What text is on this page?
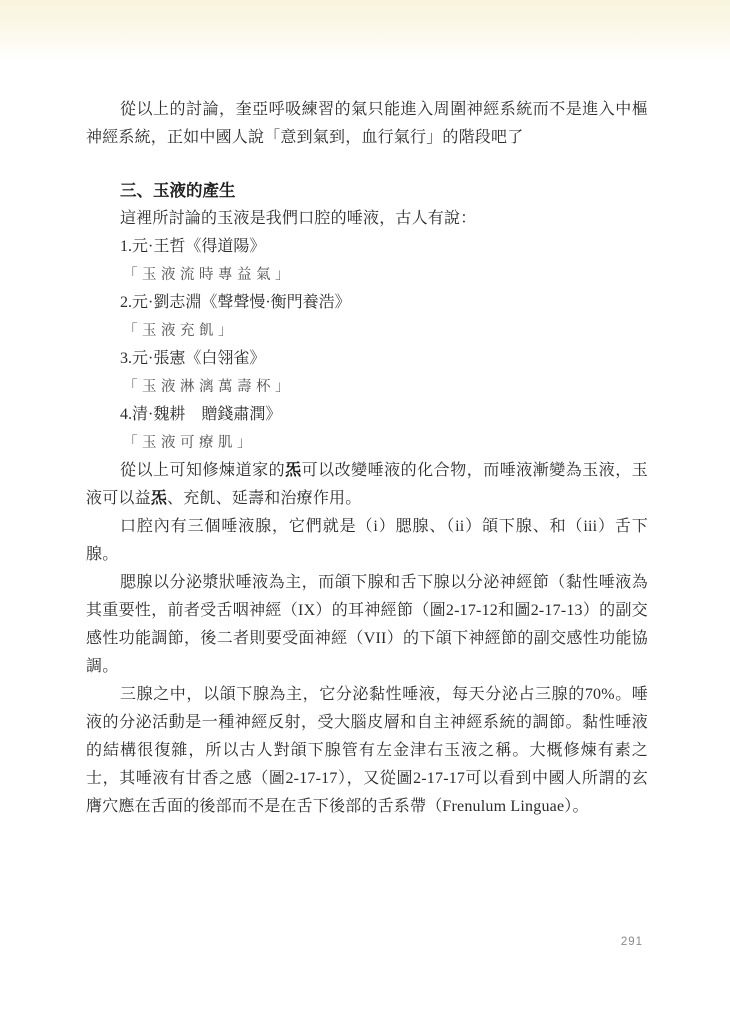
從以上的討論，奎亞呼吸練習的氣只能進入周圍神經系統而不是進入中樞神經系統，正如中國人說「意到氣到，血行氣行」的階段吧了

三、玉液的產生

這裡所討論的玉液是我們口腔的唾液，古人有說：

1.元·王哲《得道陽》
「玉液流時專益氣」
2.元·劉志淵《聲聲慢·衡門養浩》
「玉液充飢」
3.元·張憲《白翎雀》
「玉液淋漓萬壽杯」
4.清·魏耕　贈錢肅潤》
「玉液可療肌」

從以上可知修煉道家的炁可以改變唾液的化合物，而唾液漸變為玉液，玉液可以益炁、充飢、延壽和治療作用。

口腔內有三個唾液腺，它們就是（i）腮腺、（ii）頜下腺、和（iii）舌下腺。

腮腺以分泌漿狀唾液為主，而頜下腺和舌下腺以分泌神經節（黏性唾液為其重要性，前者受舌咽神經（IX）的耳神經節（圖2-17-12和圖2-17-13）的副交感性功能調節，後二者則要受面神經（VII）的下頜下神經節的副交感性功能協調。

三腺之中，以頜下腺為主，它分泌黏性唾液，每天分泌占三腺的70%。唾液的分泌活動是一種神經反射，受大腦皮層和自主神經系統的調節。黏性唾液的結構很復雜，所以古人對頜下腺管有左金津右玉液之稱。大概修煉有素之士，其唾液有甘香之感（圖2-17-17），又從圖2-17-17可以看到中國人所謂的玄膺穴應在舌面的後部而不是在舌下後部的舌系帶（Frenulum Linguae）。

291
